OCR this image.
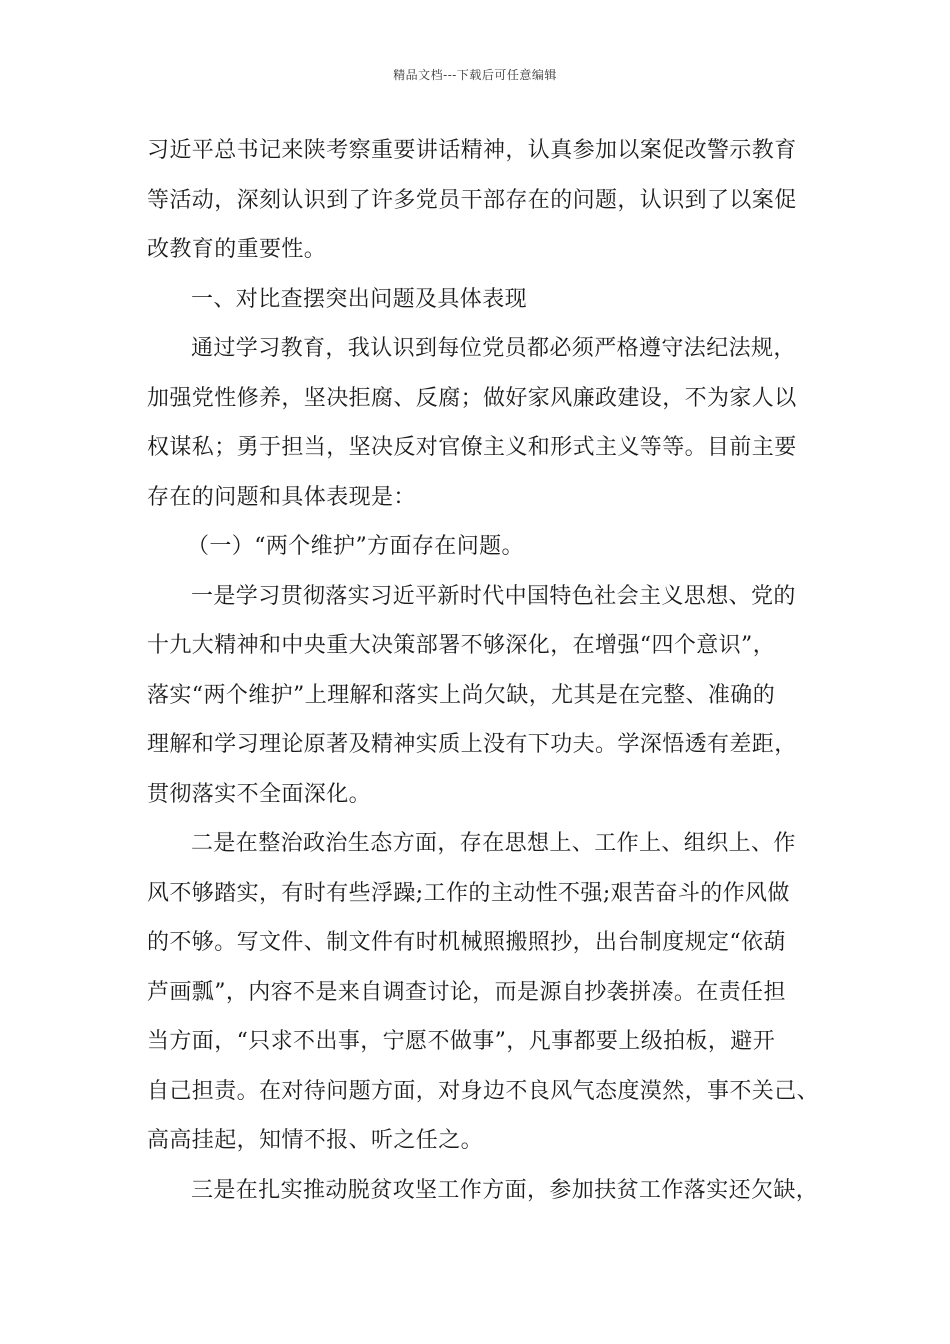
精品文档---下载后可任意编辑
习近平总书记来陕考察重要讲话精神，认真参加以案促改警示教育
等活动，深刻认识到了许多党员干部存在的问题，认识到了以案促
改教育的重要性。
一、对比查摆突出问题及具体表现
通过学习教育，我认识到每位党员都必须严格遵守法纪法规，
加强党性修养，坚决拒腐、反腐；做好家风廉政建设，不为家人以
权谋私；勇于担当，坚决反对官僚主义和形式主义等等。目前主要
存在的问题和具体表现是：
（一）“两个维护”方面存在问题。
一是学习贯彻落实习近平新时代中国特色社会主义思想、党的
十九大精神和中央重大决策部署不够深化，在增强“四个意识”，
落实“两个维护”上理解和落实上尚欠缺，尤其是在完整、准确的
理解和学习理论原著及精神实质上没有下功夫。学深悟透有差距，
贯彻落实不全面深化。
二是在整治政治生态方面，存在思想上、工作上、组织上、作
风不够踏实，有时有些浮躁;工作的主动性不强;艰苦奋斗的作风做
的不够。写文件、制文件有时机械照搬照抄，出台制度规定“依葫
芦画瓢”，内容不是来自调查讨论，而是源自抄袭拼凑。在责任担
当方面，“只求不出事，宁愿不做事”，凡事都要上级拍板，避开
自己担责。在对待问题方面，对身边不良风气态度漠然，事不关己、
高高挂起，知情不报、听之任之。
三是在扎实推动脱贫攻坚工作方面，参加扶贫工作落实还欠缺，
